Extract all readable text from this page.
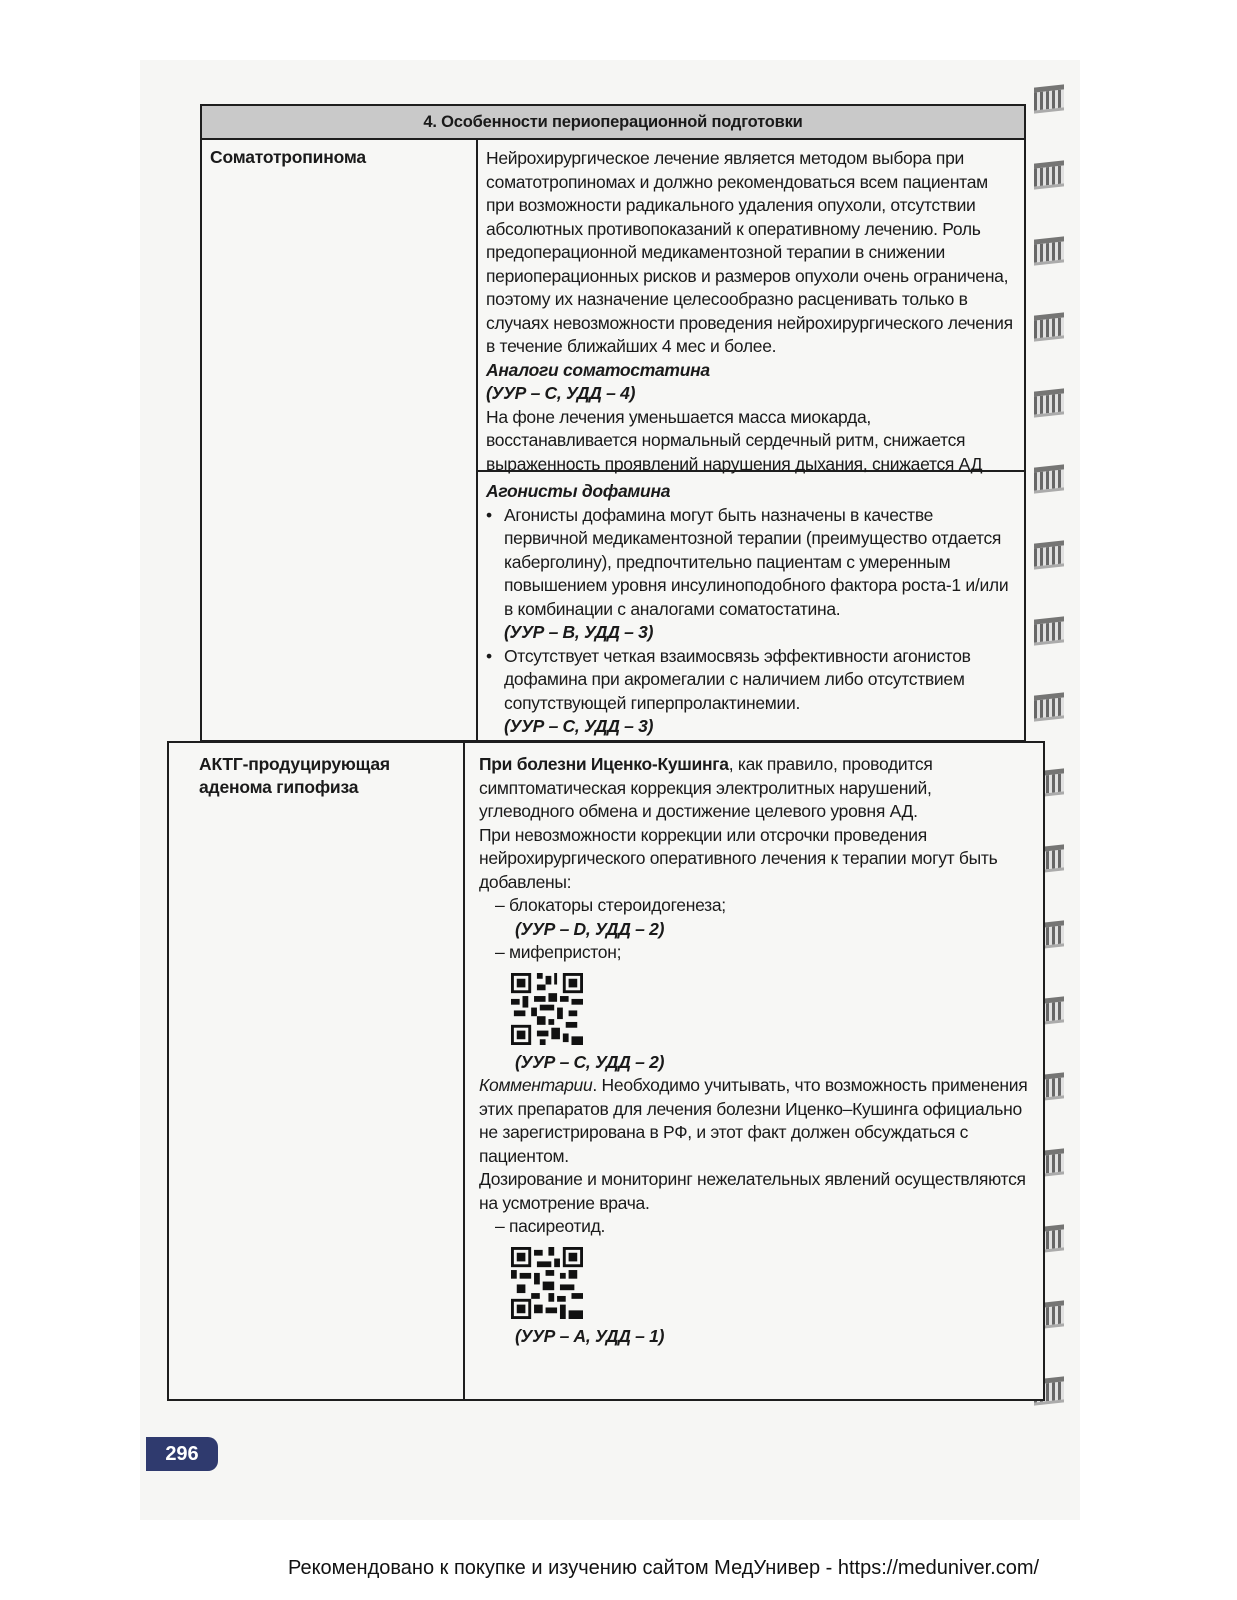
4. Особенности периоперационной подготовки
Соматотропинома	Нейрохирургическое лечение является методом выбора при соматотропиномах и должно рекомендоваться всем пациентам при возможности радикального удаления опухоли, отсутствии абсолютных противопоказаний к оперативному лечению. Роль предоперационной медикаментозной терапии в снижении периоперационных рисков и размеров опухоли очень ограничена, поэтому их назначение целесообразно расценивать только в случаях невозможности проведения нейрохирургического лечения в течение ближайших 4 мес и более.

Аналоги соматостатина

(УУР – C, УДД – 4)

На фоне лечения уменьшается масса миокарда, восстанавливается нормальный сердечный ритм, снижается выраженность проявлений нарушения дыхания, снижается АД

Агонисты дофамина

• Агонисты дофамина могут быть назначены в качестве первичной медикаментозной терапии (преимущество отдается каберголину), предпочтительно пациентам с умеренным повышением уровня инсулиноподобного фактора роста-1 и/или в комбинации с аналогами соматостатина.

(УУР – B, УДД – 3)

• Отсутствует четкая взаимосвязь эффективности агонистов дофамина при акромегалии с наличием либо отсутствием сопутствующей гиперпролактинемии.

(УУР – C, УДД – 3)

АКТГ-продуцирующая аденома гипофиза

При болезни Иценко-Кушинга, как правило, проводится симптоматическая коррекция электролитных нарушений, углеводного обмена и достижение целевого уровня АД.

При невозможности коррекции или отсрочки проведения нейрохирургического оперативного лечения к терапии могут быть добавлены:

– блокаторы стероидогенеза;

(УУР – D, УДД – 2)

– мифепристон;

(УУР – C, УДД – 2)

Комментарии. Необходимо учитывать, что возможность применения этих препаратов для лечения болезни Иценко–Кушинга официально не зарегистрирована в РФ, и этот факт должен обсуждаться с пациентом.

Дозирование и мониторинг нежелательных явлений осуществляются на усмотрение врача.

– пасиреотид.

(УУР – A, УДД – 1)

296
Рекомендовано к покупке и изучению сайтом МедУнивер - https://meduniver.com/
